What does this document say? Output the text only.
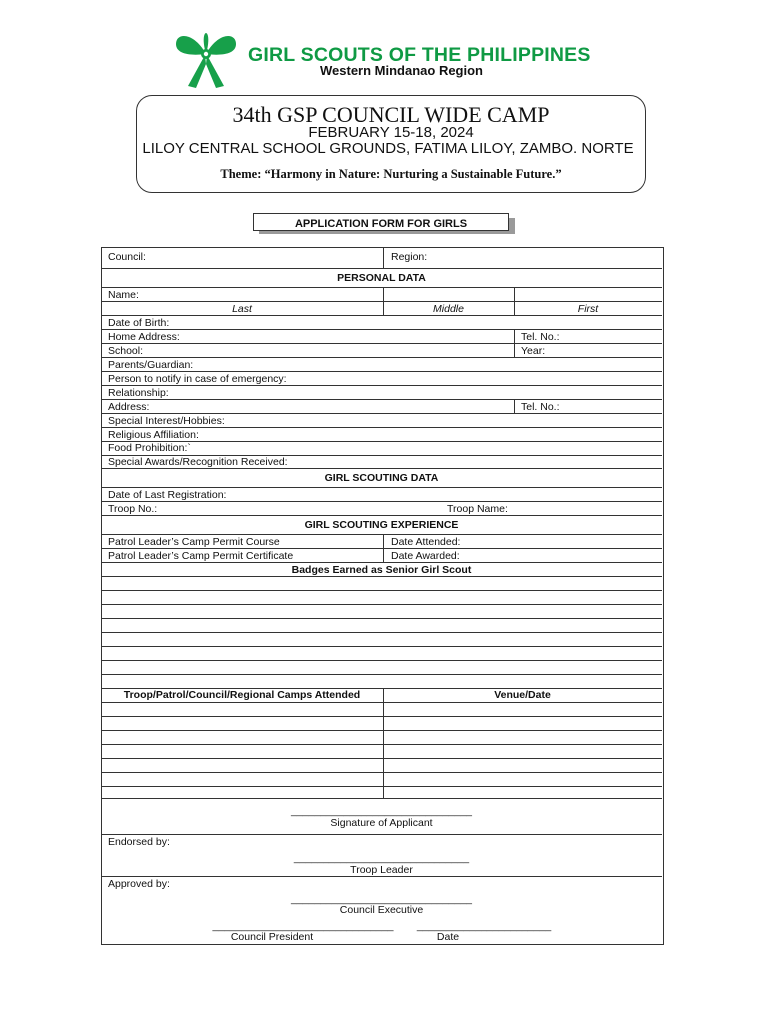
GIRL SCOUTS OF THE PHILIPPINES
Western Mindanao Region
34th GSP COUNCIL WIDE CAMP
FEBRUARY 15-18, 2024
LILOY CENTRAL SCHOOL GROUNDS, FATIMA LILOY, ZAMBO. NORTE
Theme: “Harmony in Nature: Nurturing a Sustainable Future.”
APPLICATION FORM FOR GIRLS
Council:	Region:
PERSONAL DATA
Name:
Last	Middle	First
Date of Birth:
Home Address:	Tel. No.:
School:	Year:
Parents/Guardian:
Person to notify in case of emergency:
Relationship:
Address:	Tel. No.:
Special Interest/Hobbies:
Religious Affiliation:
Food Prohibition:`
Special Awards/Recognition Received:
GIRL SCOUTING DATA
Date of Last Registration:
Troop No.:	Troop Name:
GIRL SCOUTING EXPERIENCE
Patrol Leader’s Camp Permit Course	Date Attended:
Patrol Leader’s Camp Permit Certificate	Date Awarded:
Badges Earned as Senior Girl Scout
Troop/Patrol/Council/Regional Camps Attended	Venue/Date
_______________________________
Signature of Applicant
Endorsed by:
______________________________
Troop Leader
Approved by:
_______________________________
Council Executive
_______________________________
Council President
_______________________
Date
